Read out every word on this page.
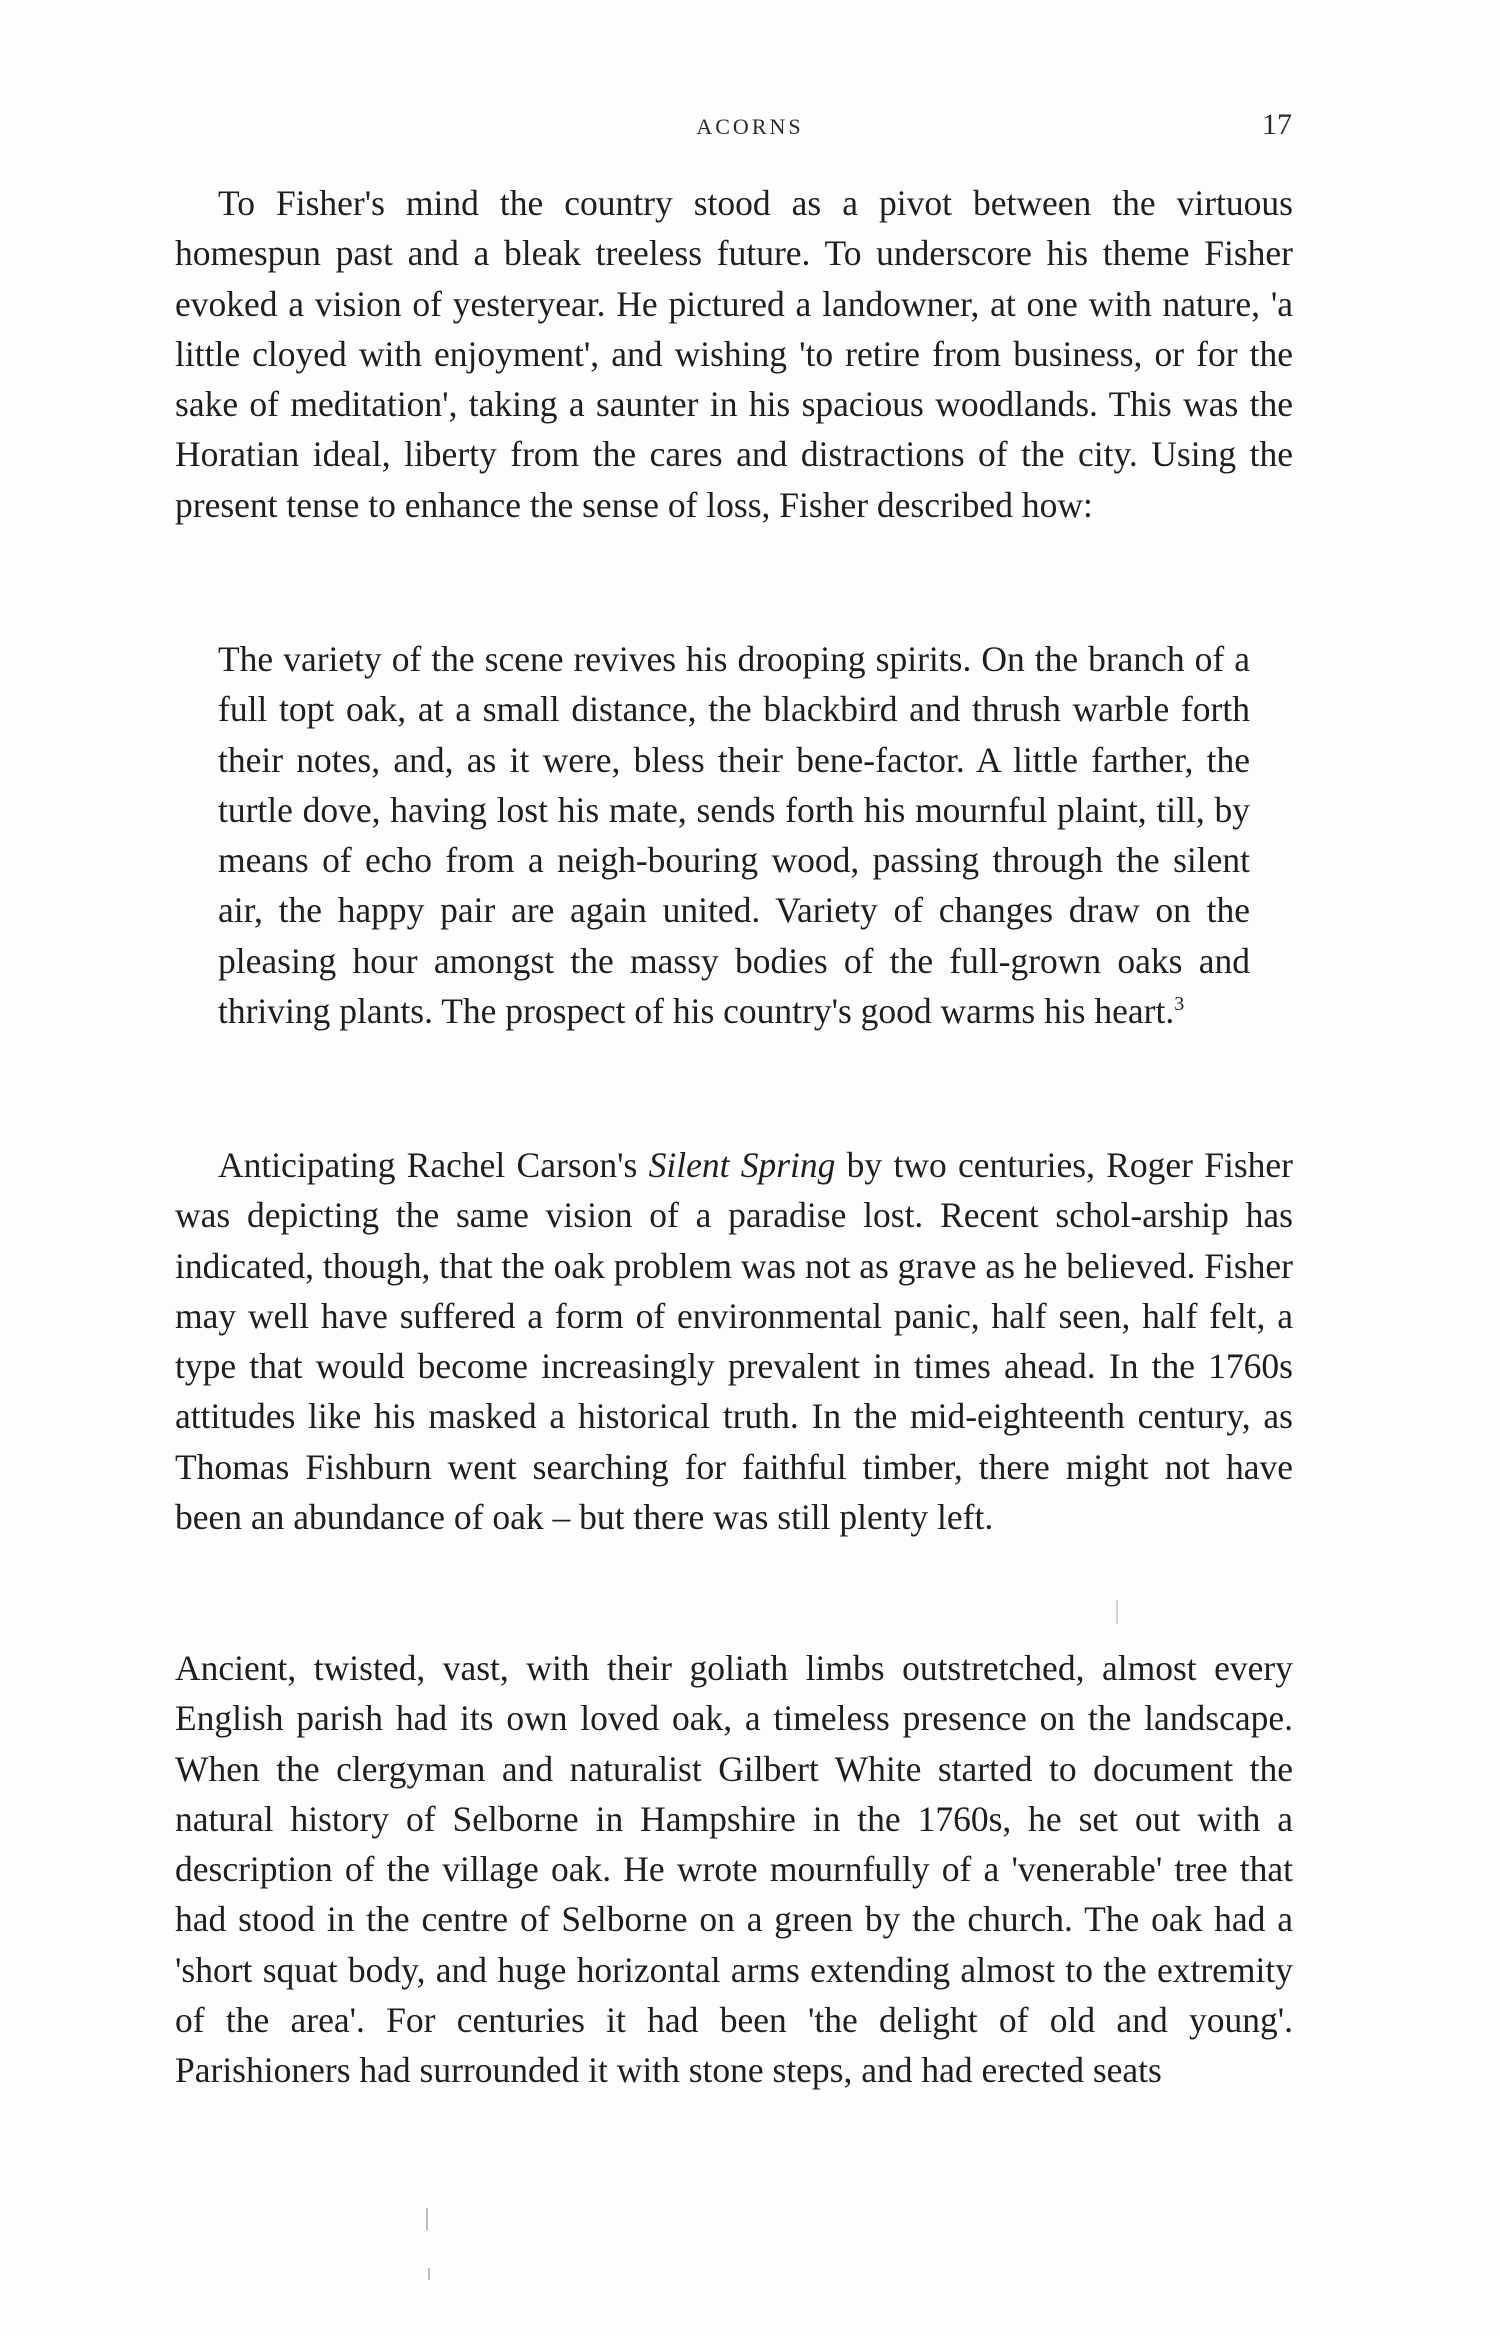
ACORNS	17

To Fisher's mind the country stood as a pivot between the virtuous homespun past and a bleak treeless future. To underscore his theme Fisher evoked a vision of yesteryear. He pictured a landowner, at one with nature, 'a little cloyed with enjoyment', and wishing 'to retire from business, or for the sake of meditation', taking a saunter in his spacious woodlands. This was the Horatian ideal, liberty from the cares and distractions of the city. Using the present tense to enhance the sense of loss, Fisher described how:

The variety of the scene revives his drooping spirits. On the branch of a full topt oak, at a small distance, the blackbird and thrush warble forth their notes, and, as it were, bless their bene-factor. A little farther, the turtle dove, having lost his mate, sends forth his mournful plaint, till, by means of echo from a neigh-bouring wood, passing through the silent air, the happy pair are again united. Variety of changes draw on the pleasing hour amongst the massy bodies of the full-grown oaks and thriving plants. The prospect of his country's good warms his heart.$^3$

Anticipating Rachel Carson's Silent Spring by two centuries, Roger Fisher was depicting the same vision of a paradise lost. Recent schol-arship has indicated, though, that the oak problem was not as grave as he believed. Fisher may well have suffered a form of environmental panic, half seen, half felt, a type that would become increasingly prevalent in times ahead. In the 1760s attitudes like his masked a historical truth. In the mid-eighteenth century, as Thomas Fishburn went searching for faithful timber, there might not have been an abundance of oak – but there was still plenty left.

Ancient, twisted, vast, with their goliath limbs outstretched, almost every English parish had its own loved oak, a timeless presence on the landscape. When the clergyman and naturalist Gilbert White started to document the natural history of Selborne in Hampshire in the 1760s, he set out with a description of the village oak. He wrote mournfully of a 'venerable' tree that had stood in the centre of Selborne on a green by the church. The oak had a 'short squat body, and huge horizontal arms extending almost to the extremity of the area'. For centuries it had been 'the delight of old and young'. Parishioners had surrounded it with stone steps, and had erected seats
